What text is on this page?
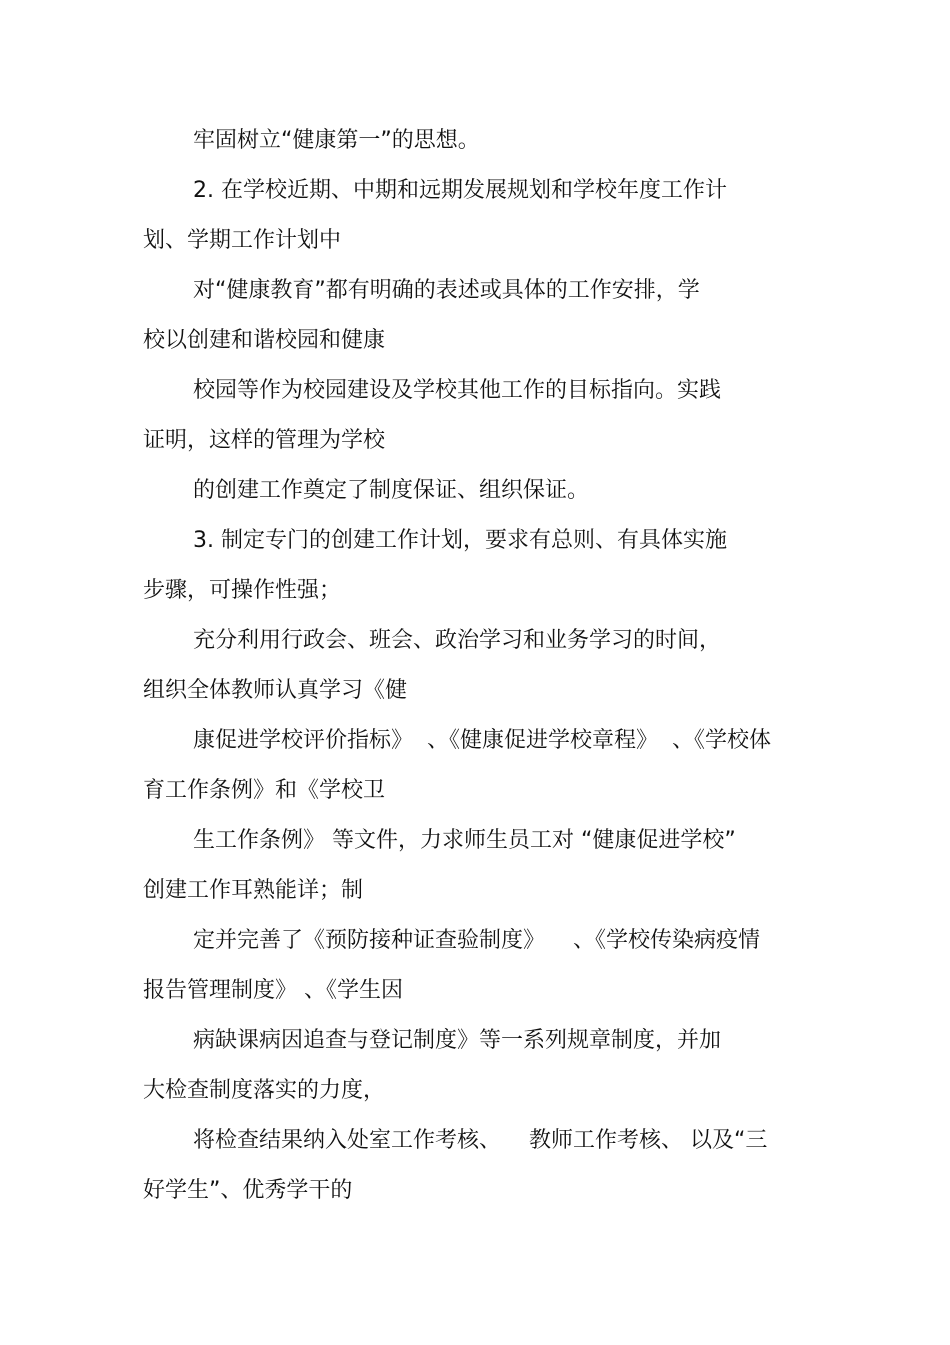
牢固树立“健康第一”的思想。
2. 在学校近期、中期和远期发展规划和学校年度工作计
划、学期工作计划中
对“健康教育”都有明确的表述或具体的工作安排，学
校以创建和谐校园和健康
校园等作为校园建设及学校其他工作的目标指向。实践
证明，这样的管理为学校
的创建工作奠定了制度保证、组织保证。
3. 制定专门的创建工作计划，要求有总则、有具体实施
步骤，可操作性强；
充分利用行政会、班会、政治学习和业务学习的时间，
组织全体教师认真学习《健
康促进学校评价指标》  、《健康促进学校章程》  、《学校体
育工作条例》和《学校卫
生工作条例》 等文件，力求师生员工对 “健康促进学校”
创建工作耳熟能详；制
定并完善了《预防接种证查验制度》    、《学校传染病疫情
报告管理制度》 、《学生因
病缺课病因追查与登记制度》等一系列规章制度，并加
大检查制度落实的力度，
将检查结果纳入处室工作考核、    教师工作考核、 以及“三
好学生”、优秀学干的
